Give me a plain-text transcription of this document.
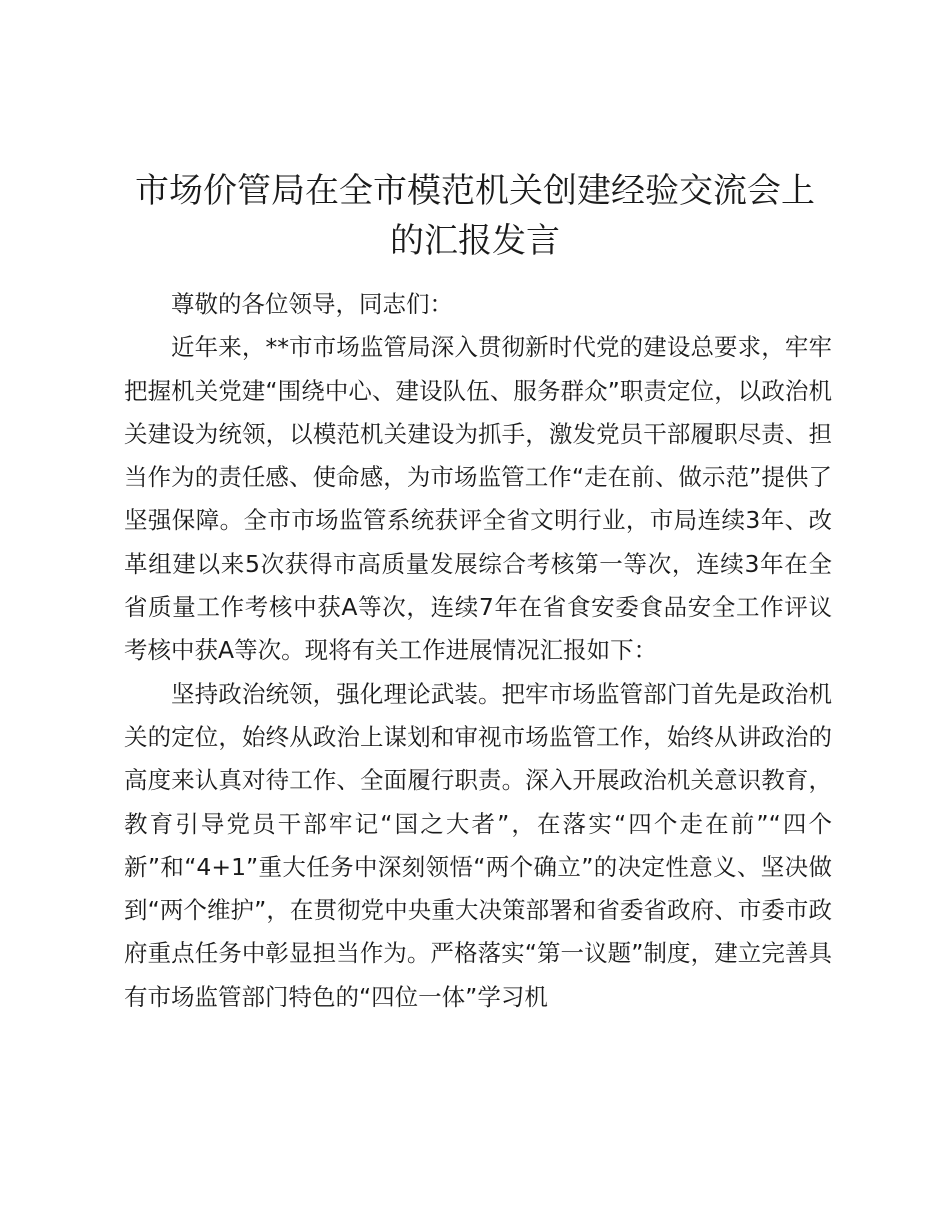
市场价管局在全市模范机关创建经验交流会上的汇报发言

尊敬的各位领导，同志们：

近年来，**市市场监管局深入贯彻新时代党的建设总要求，牢牢把握机关党建“围绕中心、建设队伍、服务群众”职责定位，以政治机关建设为统领，以模范机关建设为抓手，激发党员干部履职尽责、担当作为的责任感、使命感，为市场监管工作“走在前、做示范”提供了坚强保障。全市市场监管系统获评全省文明行业，市局连续3年、改革组建以来5次获得市高质量发展综合考核第一等次，连续3年在全省质量工作考核中获A等次，连续7年在省食安委食品安全工作评议考核中获A等次。现将有关工作进展情况汇报如下：

坚持政治统领，强化理论武装。把牢市场监管部门首先是政治机关的定位，始终从政治上谋划和审视市场监管工作，始终从讲政治的高度来认真对待工作、全面履行职责。深入开展政治机关意识教育，教育引导党员干部牢记“国之大者”，在落实“四个走在前”“四个新”和“4+1”重大任务中深刻领悟“两个确立”的决定性意义、坚决做到“两个维护”，在贯彻党中央重大决策部署和省委省政府、市委市政府重点任务中彰显担当作为。严格落实“第一议题”制度，建立完善具有市场监管部门特色的“四位一体”学习机
